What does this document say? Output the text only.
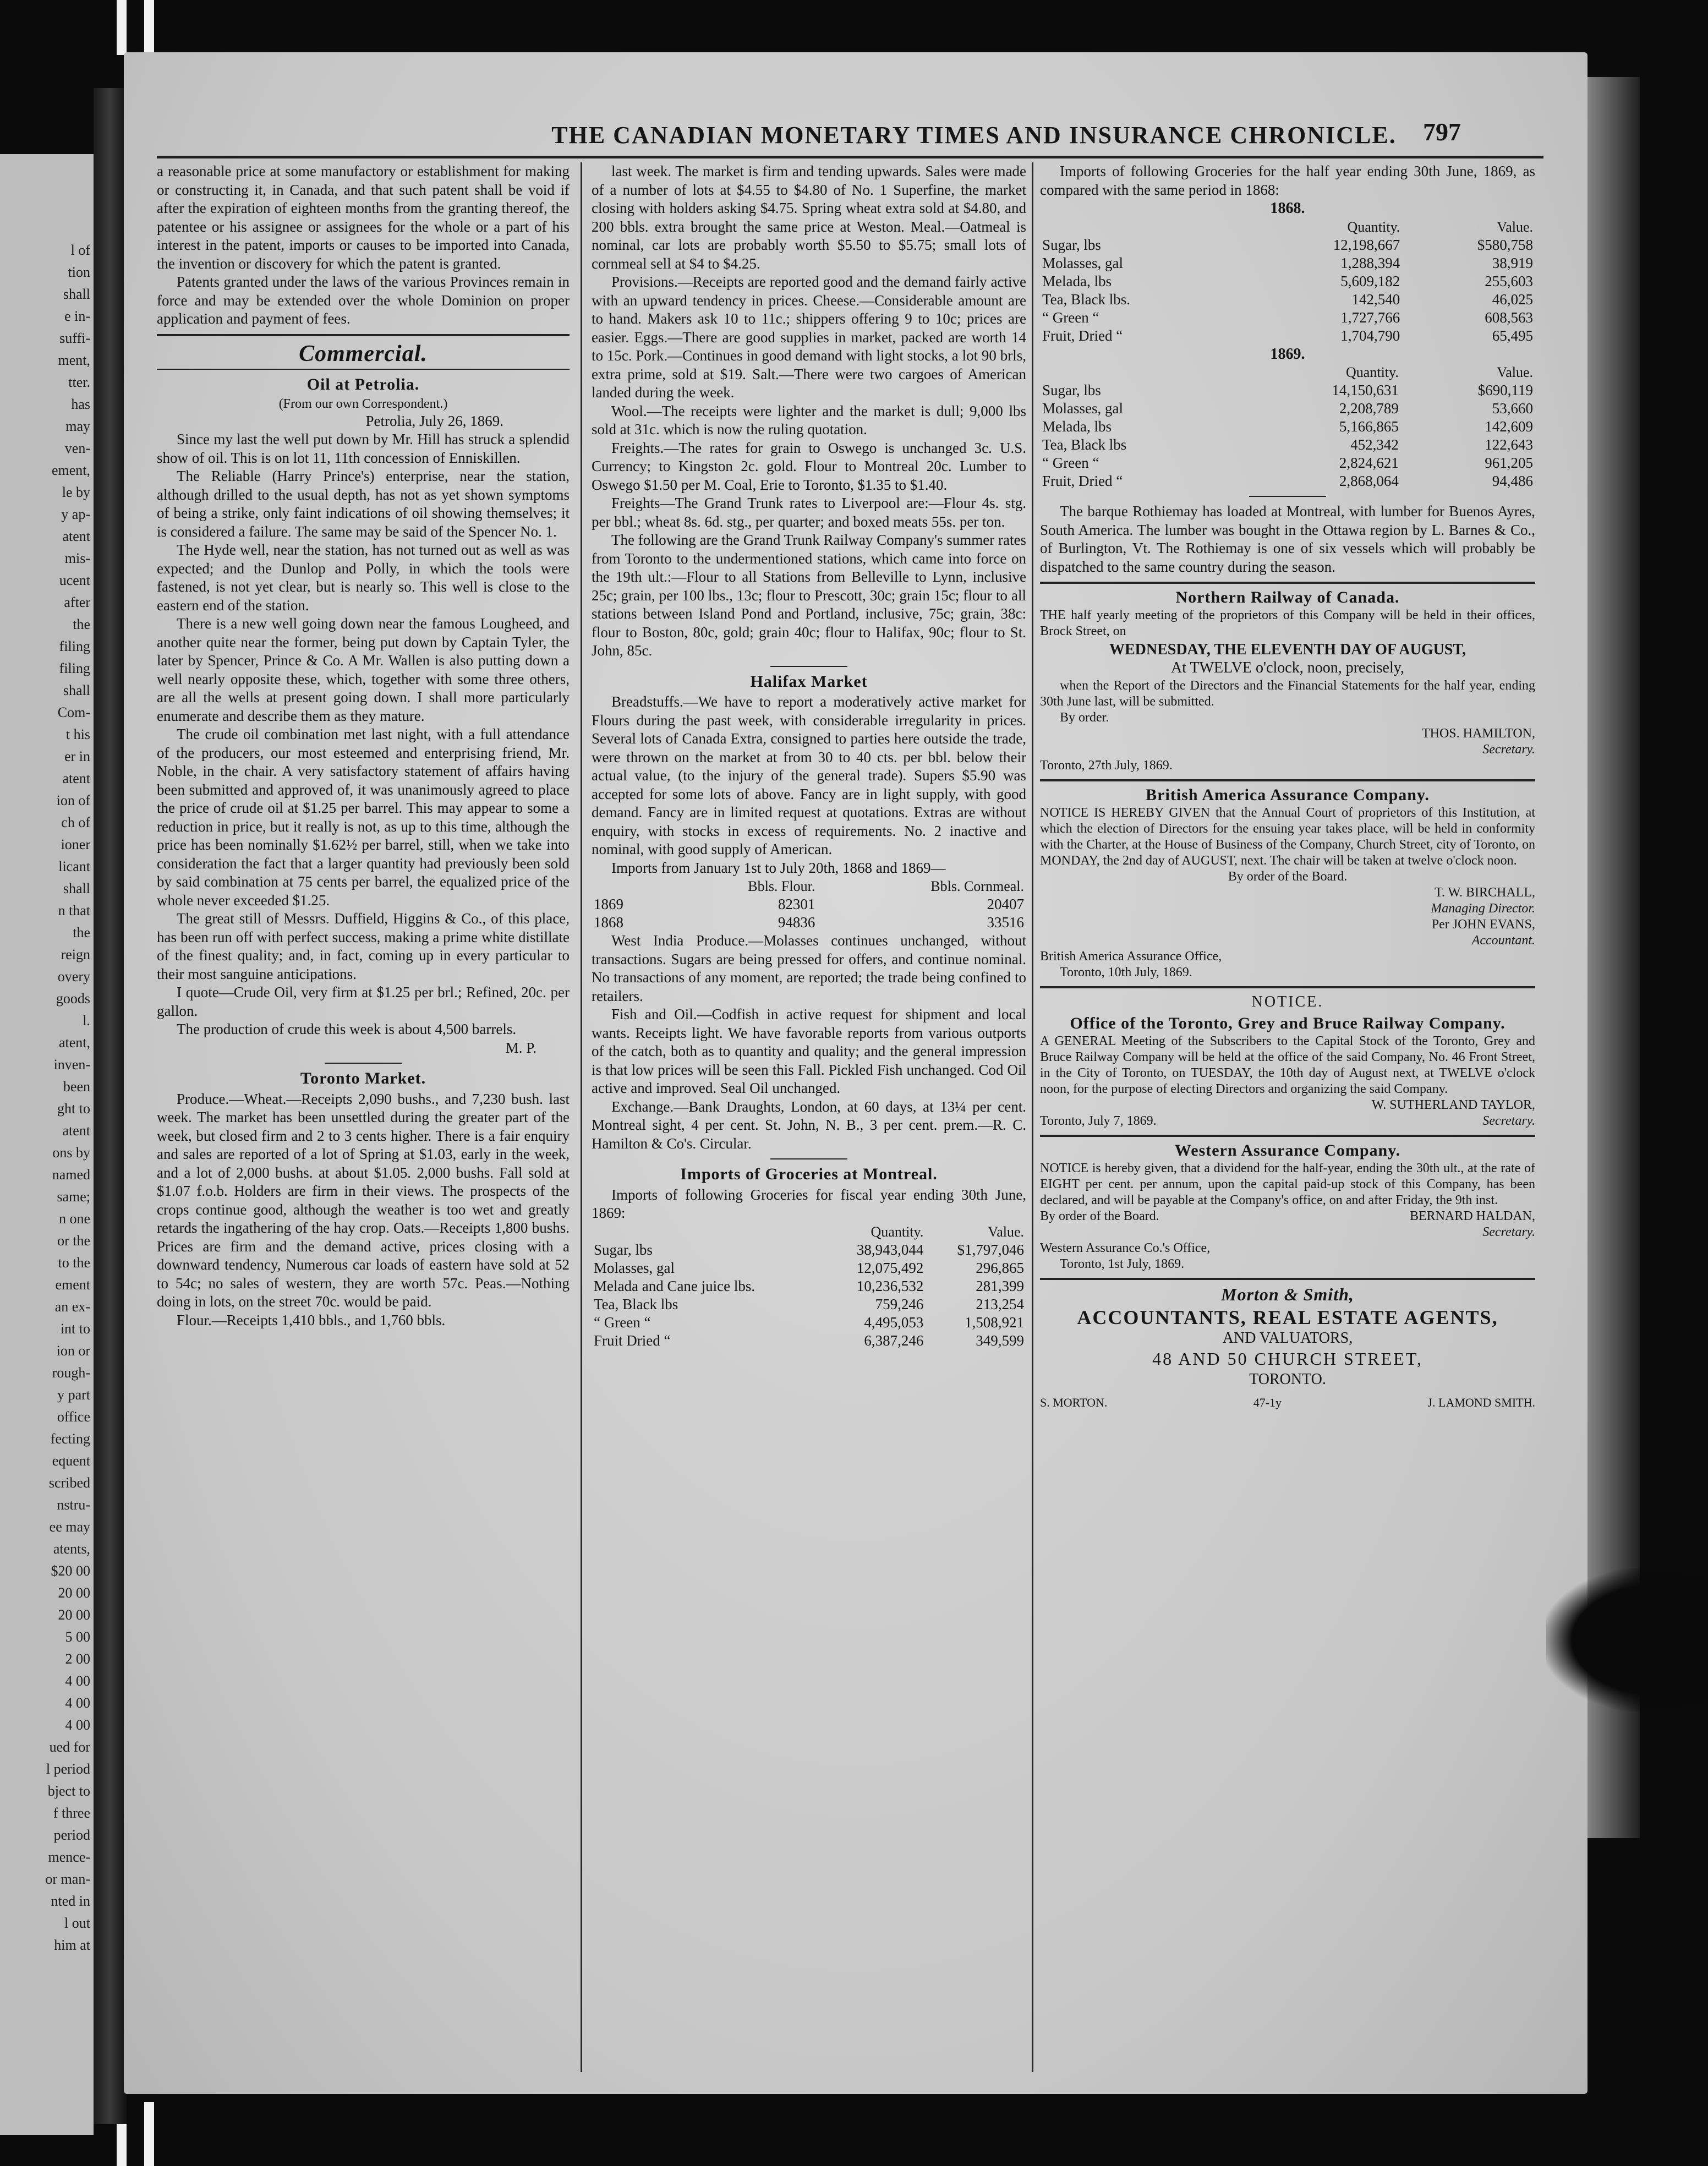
l of
tion
shall
e in-
suffi-
ment,
tter.
has
may
ven-
ement,
le by
y ap-
atent
mis-
ucent
after
the
filing
filing
shall
Com-
t his
er in
atent
ion of
ch of
ioner
licant
shall
n that
the
reign
overy
goods
l.
atent,
inven-
been
ght to
atent
ons by
named
same;
n one
or the
to the
ement
an ex-
int to
ion or
rough-
y part
office
fecting
equent
scribed
nstru-
ee may
atents,
$20 00
20 00
20 00
5 00
2 00
4 00
4 00
4 00
ued for
l period
bject to
f three
period
mence-
or man-
nted in
l out
him at
THE CANADIAN MONETARY TIMES AND INSURANCE CHRONICLE.	797

a reasonable price at some manufactory or establishment for making or constructing it, in Canada, and that such patent shall be void if after the expiration of eighteen months from the granting thereof, the patentee or his assignee or assignees for the whole or a part of his interest in the patent, imports or causes to be imported into Canada, the invention or discovery for which the patent is granted.

Patents granted under the laws of the various Provinces remain in force and may be extended over the whole Dominion on proper application and payment of fees.

Commercial.
Oil at Petrolia.

(From our own Correspondent.)

Petrolia, July 26, 1869.

Since my last the well put down by Mr. Hill has struck a splendid show of oil. This is on lot 11, 11th concession of Enniskillen.

The Reliable (Harry Prince's) enterprise, near the station, although drilled to the usual depth, has not as yet shown symptoms of being a strike, only faint indications of oil showing themselves; it is considered a failure. The same may be said of the Spencer No. 1.

The Hyde well, near the station, has not turned out as well as was expected; and the Dunlop and Polly, in which the tools were fastened, is not yet clear, but is nearly so. This well is close to the eastern end of the station.

There is a new well going down near the famous Lougheed, and another quite near the former, being put down by Captain Tyler, the later by Spencer, Prince & Co. A Mr. Wallen is also putting down a well nearly opposite these, which, together with some three others, are all the wells at present going down. I shall more particularly enumerate and describe them as they mature.

The crude oil combination met last night, with a full attendance of the producers, our most esteemed and enterprising friend, Mr. Noble, in the chair. A very satisfactory statement of affairs having been submitted and approved of, it was unanimously agreed to place the price of crude oil at $1.25 per barrel. This may appear to some a reduction in price, but it really is not, as up to this time, although the price has been nominally $1.62½ per barrel, still, when we take into consideration the fact that a larger quantity had previously been sold by said combination at 75 cents per barrel, the equalized price of the whole never exceeded $1.25.

The great still of Messrs. Duffield, Higgins & Co., of this place, has been run off with perfect success, making a prime white distillate of the finest quality; and, in fact, coming up in every particular to their most sanguine anticipations.

I quote—Crude Oil, very firm at $1.25 per brl.; Refined, 20c. per gallon.

The production of crude this week is about 4,500 barrels.

M. P.

Toronto Market.

Produce.—Wheat.—Receipts 2,090 bushs., and 7,230 bush. last week. The market has been unsettled during the greater part of the week, but closed firm and 2 to 3 cents higher. There is a fair enquiry and sales are reported of a lot of Spring at $1.03, early in the week, and a lot of 2,000 bushs. at about $1.05. 2,000 bushs. Fall sold at $1.07 f.o.b. Holders are firm in their views. The prospects of the crops continue good, although the weather is too wet and greatly retards the ingathering of the hay crop. Oats.—Receipts 1,800 bushs. Prices are firm and the demand active, prices closing with a downward tendency, Numerous car loads of eastern have sold at 52 to 54c; no sales of western, they are worth 57c. Peas.—Nothing doing in lots, on the street 70c. would be paid.

Flour.—Receipts 1,410 bbls., and 1,760 bbls.

last week. The market is firm and tending upwards. Sales were made of a number of lots at $4.55 to $4.80 of No. 1 Superfine, the market closing with holders asking $4.75. Spring wheat extra sold at $4.80, and 200 bbls. extra brought the same price at Weston. Meal.—Oatmeal is nominal, car lots are probably worth $5.50 to $5.75; small lots of cornmeal sell at $4 to $4.25.

Provisions.—Receipts are reported good and the demand fairly active with an upward tendency in prices. Cheese.—Considerable amount are to hand. Makers ask 10 to 11c.; shippers offering 9 to 10c; prices are easier. Eggs.—There are good supplies in market, packed are worth 14 to 15c. Pork.—Continues in good demand with light stocks, a lot 90 brls, extra prime, sold at $19. Salt.—There were two cargoes of American landed during the week.

Wool.—The receipts were lighter and the market is dull; 9,000 lbs sold at 31c. which is now the ruling quotation.

Freights.—The rates for grain to Oswego is unchanged 3c. U.S. Currency; to Kingston 2c. gold. Flour to Montreal 20c. Lumber to Oswego $1.50 per M. Coal, Erie to Toronto, $1.35 to $1.40.

Freights—The Grand Trunk rates to Liverpool are:—Flour 4s. stg. per bbl.; wheat 8s. 6d. stg., per quarter; and boxed meats 55s. per ton.

The following are the Grand Trunk Railway Company's summer rates from Toronto to the undermentioned stations, which came into force on the 19th ult.:—Flour to all Stations from Belleville to Lynn, inclusive 25c; grain, per 100 lbs., 13c; flour to Prescott, 30c; grain 15c; flour to all stations between Island Pond and Portland, inclusive, 75c; grain, 38c: flour to Boston, 80c, gold; grain 40c; flour to Halifax, 90c; flour to St. John, 85c.

Halifax Market

Breadstuffs.—We have to report a moderatively active market for Flours during the past week, with considerable irregularity in prices. Several lots of Canada Extra, consigned to parties here outside the trade, were thrown on the market at from 30 to 40 cts. per bbl. below their actual value, (to the injury of the general trade). Supers $5.90 was accepted for some lots of above. Fancy are in light supply, with good demand. Fancy are in limited request at quotations. Extras are without enquiry, with stocks in excess of requirements. No. 2 inactive and nominal, with good supply of American.

Imports from January 1st to July 20th, 1868 and 1869—

	Bbls. Flour.	Bbls. Cornmeal.
1869	82301	20407
1868	94836	33516

West India Produce.—Molasses continues unchanged, without transactions. Sugars are being pressed for offers, and continue nominal. No transactions of any moment, are reported; the trade being confined to retailers.

Fish and Oil.—Codfish in active request for shipment and local wants. Receipts light. We have favorable reports from various outports of the catch, both as to quantity and quality; and the general impression is that low prices will be seen this Fall. Pickled Fish unchanged. Cod Oil active and improved. Seal Oil unchanged.

Exchange.—Bank Draughts, London, at 60 days, at 13¼ per cent. Montreal sight, 4 per cent. St. John, N. B., 3 per cent. prem.—R. C. Hamilton & Co's. Circular.

Imports of Groceries at Montreal.

Imports of following Groceries for fiscal year ending 30th June, 1869:

	Quantity.	Value.
Sugar, lbs	38,943,044	$1,797,046
Molasses, gal	12,075,492	296,865
Melada and Cane juice lbs.	10,236,532	281,399
Tea, Black lbs	759,246	213,254
“ Green “	4,495,053	1,508,921
Fruit Dried “	6,387,246	349,599

Imports of following Groceries for the half year ending 30th June, 1869, as compared with the same period in 1868:

1868.
	Quantity.	Value.
Sugar, lbs	12,198,667	$580,758
Molasses, gal	1,288,394	38,919
Melada, lbs	5,609,182	255,603
Tea, Black lbs.	142,540	46,025
“ Green “	1,727,766	608,563
Fruit, Dried “	1,704,790	65,495
1869.
	Quantity.	Value.
Sugar, lbs	14,150,631	$690,119
Molasses, gal	2,208,789	53,660
Melada, lbs	5,166,865	142,609
Tea, Black lbs	452,342	122,643
“ Green “	2,824,621	961,205
Fruit, Dried “	2,868,064	94,486

The barque Rothiemay has loaded at Montreal, with lumber for Buenos Ayres, South America. The lumber was bought in the Ottawa region by L. Barnes & Co., of Burlington, Vt. The Rothiemay is one of six vessels which will probably be dispatched to the same country during the season.

Northern Railway of Canada.

THE half yearly meeting of the proprietors of this Company will be held in their offices, Brock Street, on

WEDNESDAY, THE ELEVENTH DAY OF AUGUST,
At TWELVE o'clock, noon, precisely,

when the Report of the Directors and the Financial Statements for the half year, ending 30th June last, will be submitted.

By order.

THOS. HAMILTON,

Secretary.

Toronto, 27th July, 1869.

British America Assurance Company.

NOTICE IS HEREBY GIVEN that the Annual Court of proprietors of this Institution, at which the election of Directors for the ensuing year takes place, will be held in conformity with the Charter, at the House of Business of the Company, Church Street, city of Toronto, on MONDAY, the 2nd day of AUGUST, next. The chair will be taken at twelve o'clock noon.

By order of the Board.

T. W. BIRCHALL,

Managing Director.

Per JOHN EVANS,

Accountant.

British America Assurance Office,

Toronto, 10th July, 1869.

NOTICE.
Office of the Toronto, Grey and Bruce Railway Company.

A GENERAL Meeting of the Subscribers to the Capital Stock of the Toronto, Grey and Bruce Railway Company will be held at the office of the said Company, No. 46 Front Street, in the City of Toronto, on TUESDAY, the 10th day of August next, at TWELVE o'clock noon, for the purpose of electing Directors and organizing the said Company.

W. SUTHERLAND TAYLOR,

Toronto, July 7, 1869.	Secretary.
Western Assurance Company.

NOTICE is hereby given, that a dividend for the half-year, ending the 30th ult., at the rate of EIGHT per cent. per annum, upon the capital paid-up stock of this Company, has been declared, and will be payable at the Company's office, on and after Friday, the 9th inst.

By order of the Board.	BERNARD HALDAN,

Secretary.

Western Assurance Co.'s Office,

Toronto, 1st July, 1869.

Morton & Smith,
ACCOUNTANTS, REAL ESTATE AGENTS,
AND VALUATORS,
48 AND 50 CHURCH STREET,
TORONTO.
S. MORTON.	47-1y	J. LAMOND SMITH.
